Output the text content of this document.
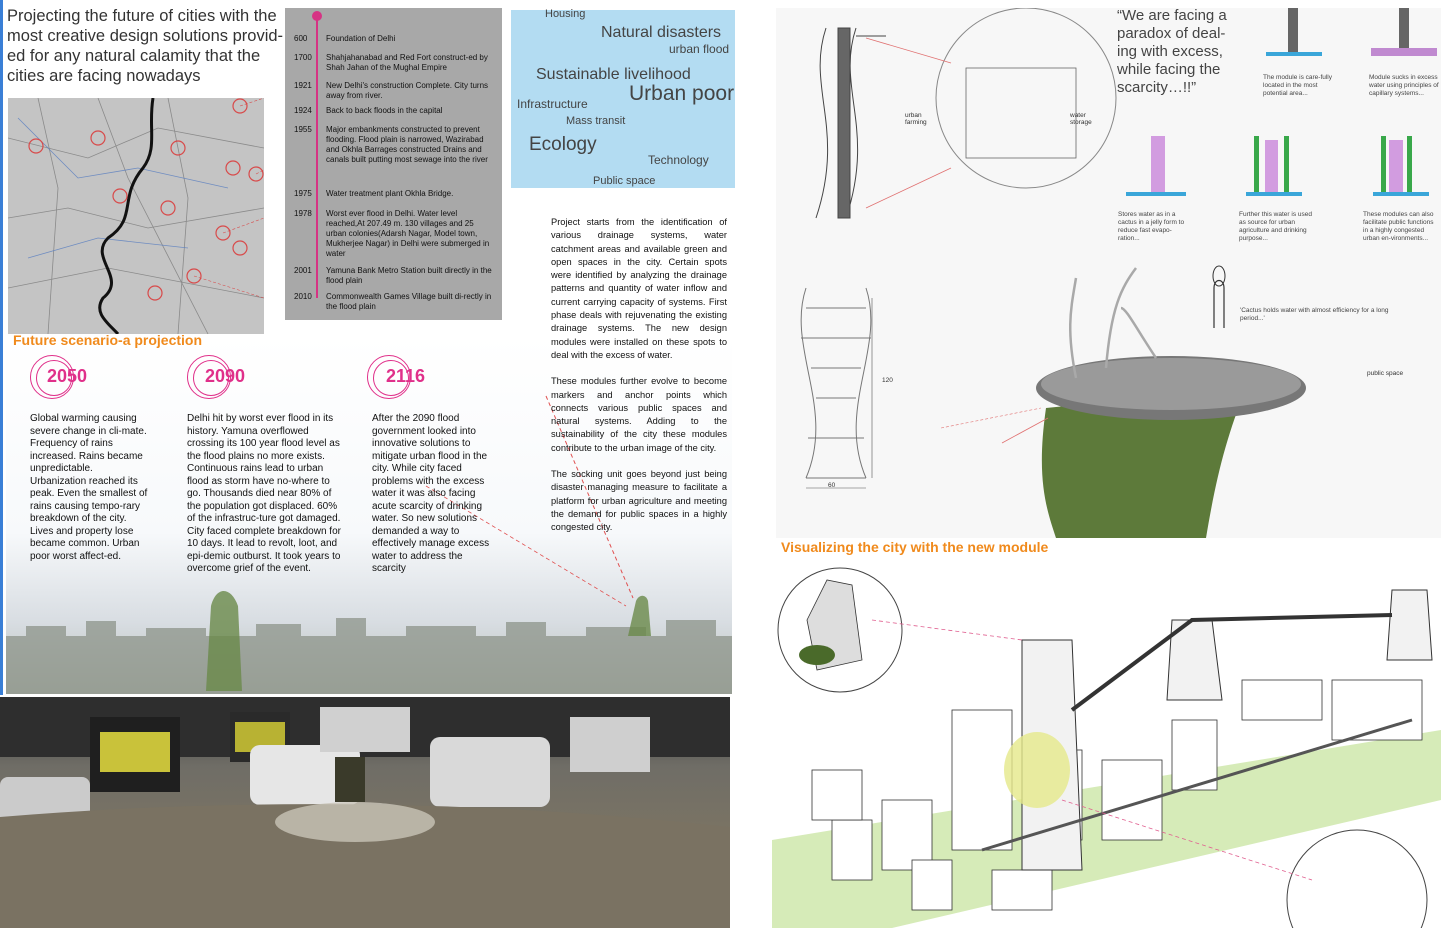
Projecting the future of cities with the
most creative design solutions provid-
ed for any natural calamity that the
cities are facing nowadays
600	Foundation of Delhi
1700	Shahjahanabad and Red Fort construct-ed by Shah Jahan of the Mughal Empire
1921	New Delhi's construction Complete. City turns away from river.
1924	Back to back floods in the capital
1955	Major embankments constructed to prevent flooding. Flood plain is narrowed, Wazirabad and Okhla Barrages constructed Drains and canals built putting most sewage into the river
1975	Water treatment plant Okhla Bridge.
1978	Worst ever flood in Delhi. Water level reached,At 207.49 m. 130 villages and 25 urban colonies(Adarsh Nagar, Model town, Mukherjee Nagar) in Delhi were submerged in water
2001	Yamuna Bank Metro Station built directly in the flood plain
2010	Commonwealth Games Village built di-rectly in the flood plain
Housing
Natural disasters
urban flood
Sustainable livelihood
Urban poor
Infrastructure
Mass transit
Ecology
Technology
Public space
Future scenario-a projection
2050
Global warming causing severe change in cli-mate. Frequency of rains increased. Rains became unpredictable. Urbanization reached its peak. Even the smallest of rains causing tempo-rary breakdown of the city. Lives and property lose became common. Urban poor worst affect-ed.
2090
Delhi hit by worst ever flood in its history. Yamuna overflowed crossing its 100 year flood level as the flood plains no more exists. Continuous rains lead to urban flood as storm have no-where to go. Thousands died near 80% of the population got displaced. 60% of the infrastruc-ture got damaged. City faced complete breakdown for 10 days. It lead to revolt, loot, and epi-demic outburst. It took years to overcome grief of the event.
2116
After the 2090 flood government looked into innovative solutions to mitigate urban flood in the city. While city faced problems with the excess water it was also facing acute scarcity of drinking water. So new solutions demanded a way to effectively manage excess water to address the scarcity

Project starts from the identification of various drainage systems, water catchment areas and available green and open spaces in the city. Certain spots were identified by analyzing the drainage patterns and quantity of water inflow and current carrying capacity of systems. First phase deals with rejuvenating the existing drainage systems. The new design modules were installed on these spots to deal with the excess of water.

These modules further evolve to become markers and anchor points which connects various public spaces and natural systems. Adding to the sustainability of the city these modules contribute to the urban image of the city.

The socking unit goes beyond just being disaster managing measure to facilitate a platform for urban agriculture and meeting the demand for public spaces in a highly congested city.

“We are facing a paradox of deal-ing with excess, while facing the scarcity…!!”
urban farming
water storage
120
60
public space
The module is care-fully located in the most potential area...
Module sucks in excess water using principles of capillary systems...
Stores water as in a cactus in a jelly form to reduce fast evapo-ration...
Further this water is used as source for urban agriculture and drinking purpose...
These modules can also facilitate public functions in a highly congested urban en-vironments...
'Cactus holds water with almost efficiency for a long period...'
Visualizing the city with the new module
